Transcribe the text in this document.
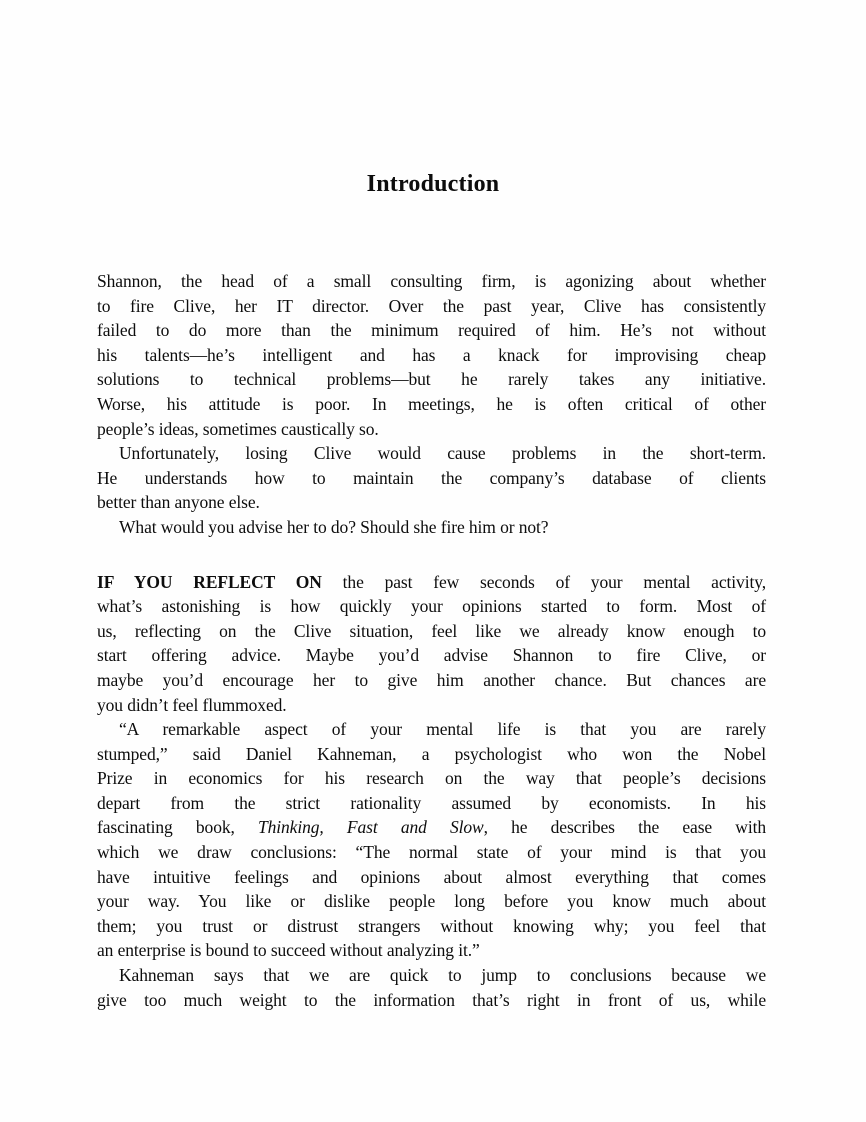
Introduction
Shannon, the head of a small consulting firm, is agonizing about whether
to fire Clive, her IT director. Over the past year, Clive has consistently
failed to do more than the minimum required of him. He’s not without
his talents—he’s intelligent and has a knack for improvising cheap
solutions to technical problems—but he rarely takes any initiative.
Worse, his attitude is poor. In meetings, he is often critical of other
people’s ideas, sometimes caustically so.
Unfortunately, losing Clive would cause problems in the short-term.
He understands how to maintain the company’s database of clients
better than anyone else.
What would you advise her to do? Should she fire him or not?
IF YOU REFLECT ON the past few seconds of your mental activity,
what’s astonishing is how quickly your opinions started to form. Most of
us, reflecting on the Clive situation, feel like we already know enough to
start offering advice. Maybe you’d advise Shannon to fire Clive, or
maybe you’d encourage her to give him another chance. But chances are
you didn’t feel flummoxed.
“A remarkable aspect of your mental life is that you are rarely
stumped,” said Daniel Kahneman, a psychologist who won the Nobel
Prize in economics for his research on the way that people’s decisions
depart from the strict rationality assumed by economists. In his
fascinating book, Thinking, Fast and Slow, he describes the ease with
which we draw conclusions: “The normal state of your mind is that you
have intuitive feelings and opinions about almost everything that comes
your way. You like or dislike people long before you know much about
them; you trust or distrust strangers without knowing why; you feel that
an enterprise is bound to succeed without analyzing it.”
Kahneman says that we are quick to jump to conclusions because we
give too much weight to the information that’s right in front of us, while
